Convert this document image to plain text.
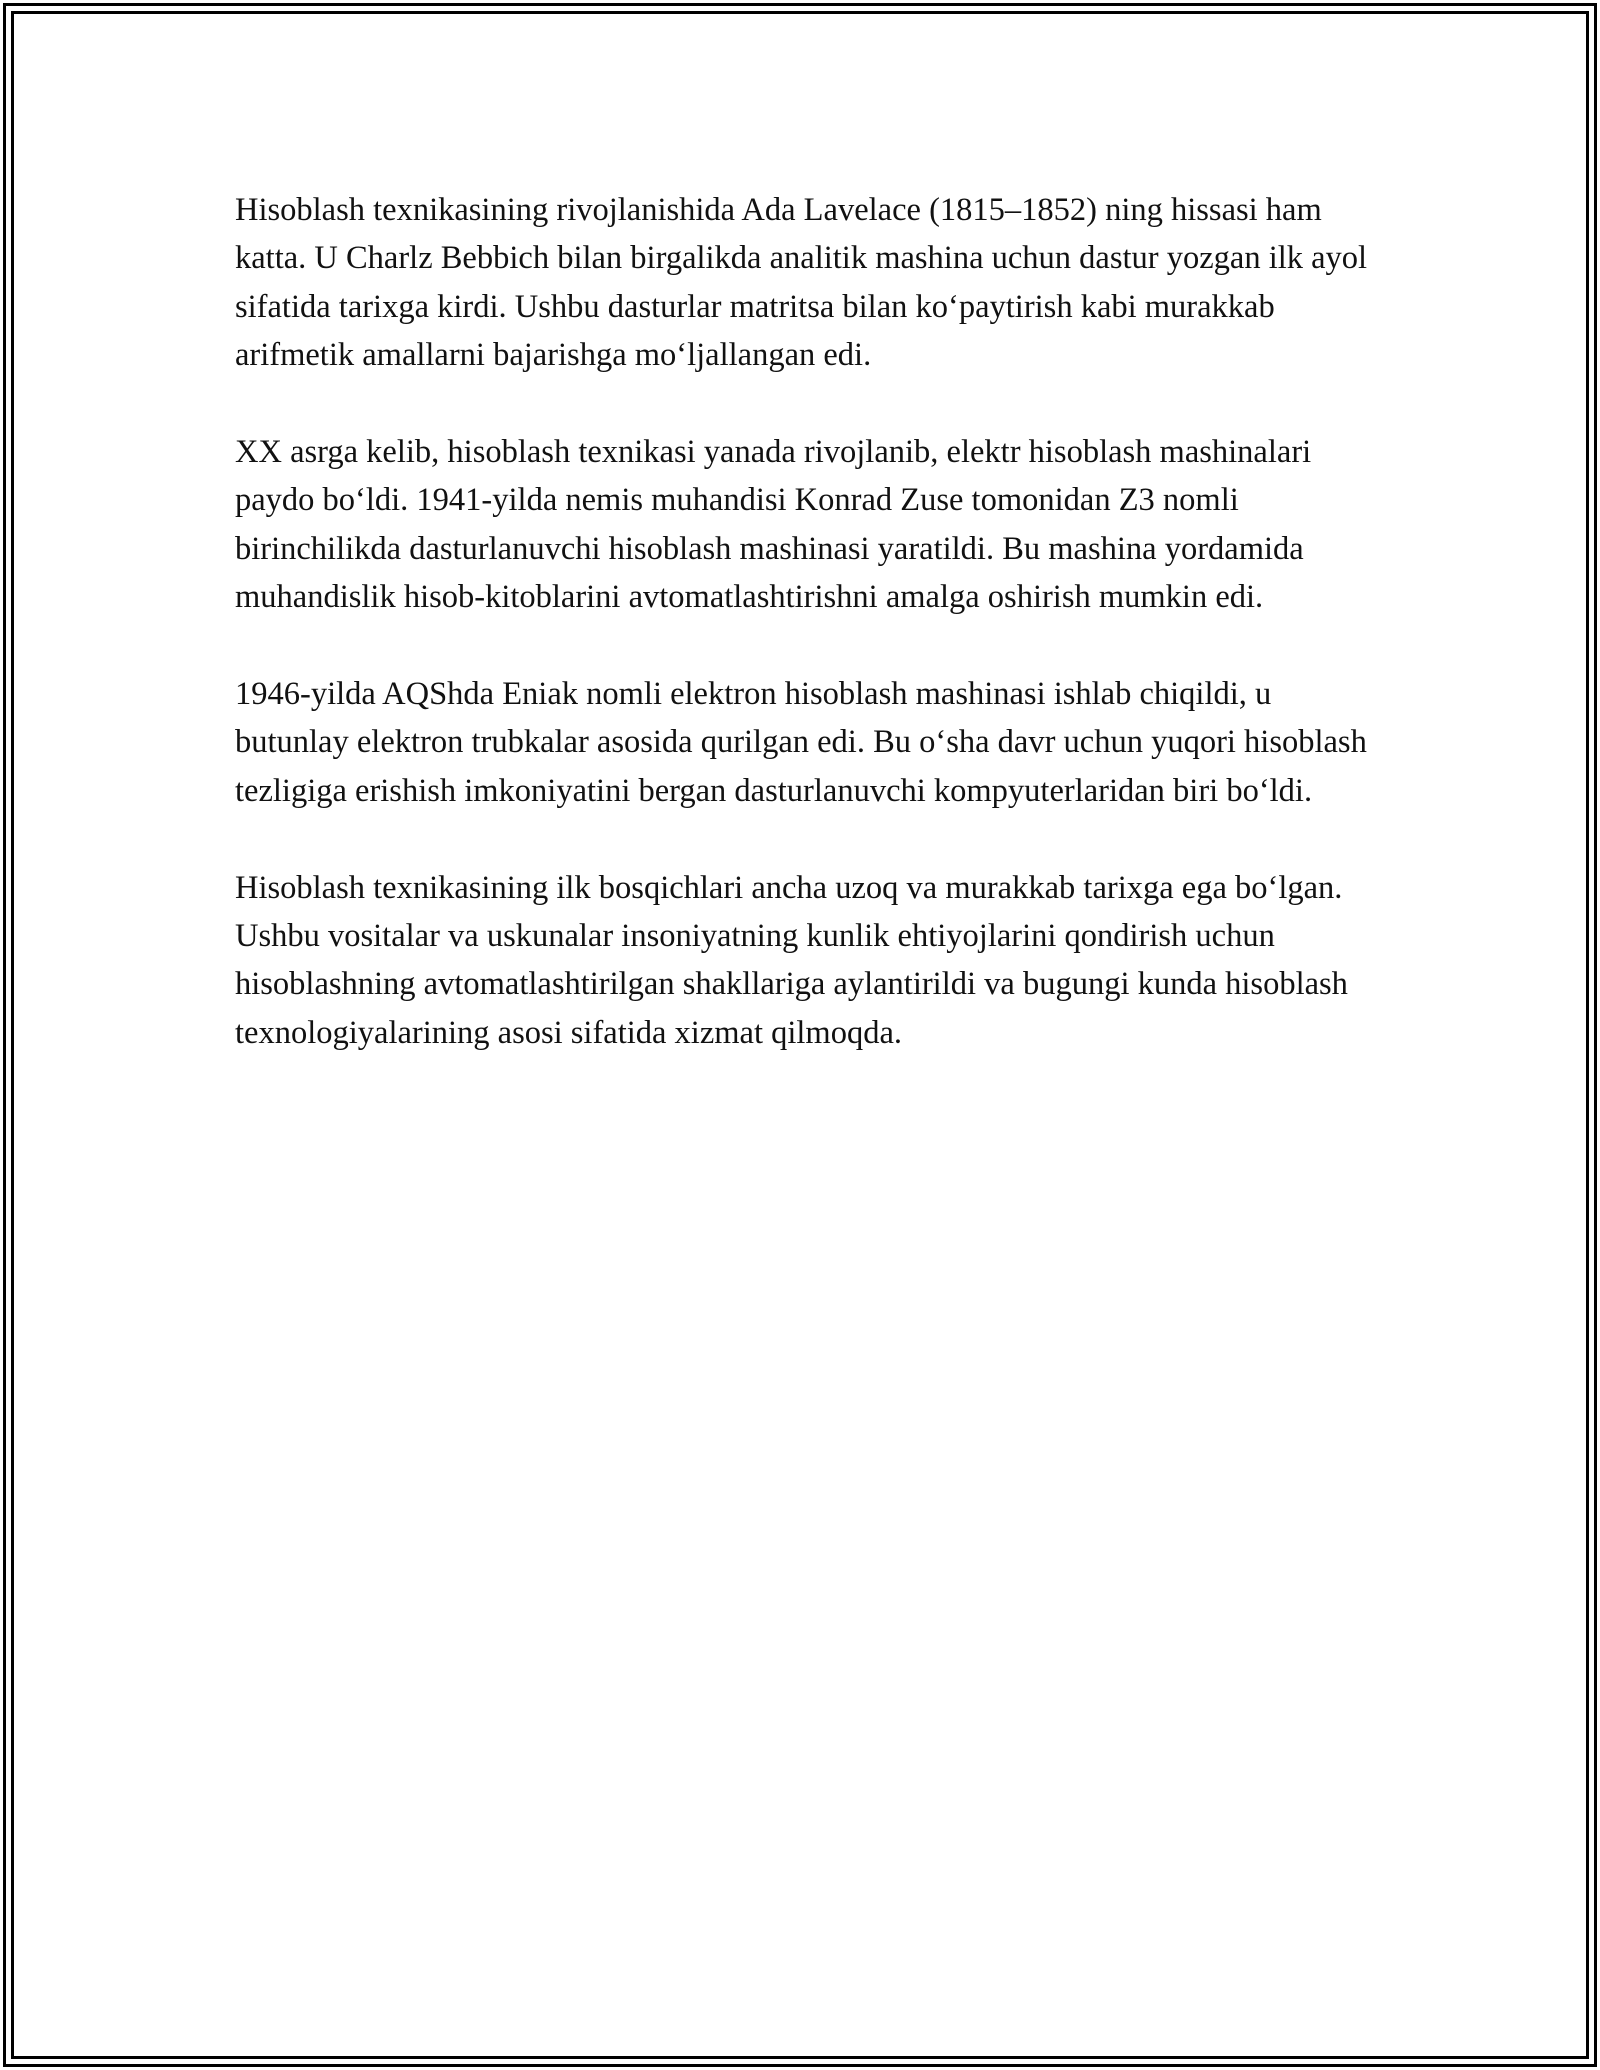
Hisoblash texnikasining rivojlanishida Ada Lavelace (1815–1852) ning hissasi ham katta. U Charlz Bebbich bilan birgalikda analitik mashina uchun dastur yozgan ilk ayol sifatida tarixga kirdi. Ushbu dasturlar matritsa bilan ko‘paytirish kabi murakkab arifmetik amallarni bajarishga mo‘ljallangan edi.

XX asrga kelib, hisoblash texnikasi yanada rivojlanib, elektr hisoblash mashinalari paydo bo‘ldi. 1941-yilda nemis muhandisi Konrad Zuse tomonidan Z3 nomli birinchilikda dasturlanuvchi hisoblash mashinasi yaratildi. Bu mashina yordamida muhandislik hisob-kitoblarini avtomatlashtirishni amalga oshirish mumkin edi.

1946-yilda AQShda Eniak nomli elektron hisoblash mashinasi ishlab chiqildi, u butunlay elektron trubkalar asosida qurilgan edi. Bu o‘sha davr uchun yuqori hisoblash tezligiga erishish imkoniyatini bergan dasturlanuvchi kompyuterlaridan biri bo‘ldi.

Hisoblash texnikasining ilk bosqichlari ancha uzoq va murakkab tarixga ega bo‘lgan. Ushbu vositalar va uskunalar insoniyatning kunlik ehtiyojlarini qondirish uchun hisoblashning avtomatlashtirilgan shakllariga aylantirildi va bugungi kunda hisoblash texnologiyalarining asosi sifatida xizmat qilmoqda.
